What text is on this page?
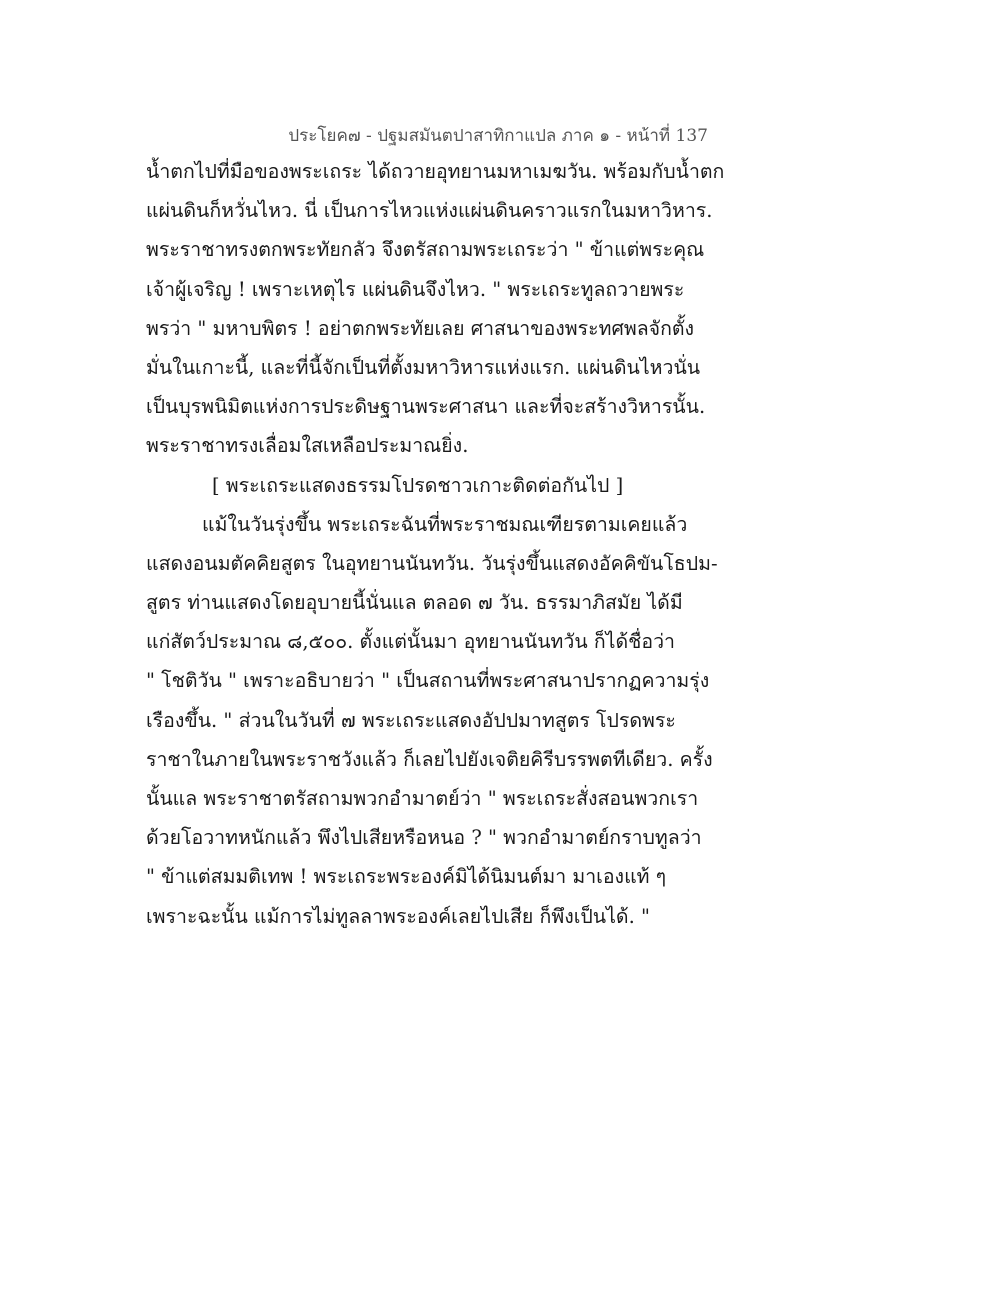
ประโยค๗ - ปฐมสมันตปาสาทิกาแปล ภาค ๑ - หน้าที่ 137
น้ำตกไปที่มือของพระเถระ ได้ถวายอุทยานมหาเมฆวัน. พร้อมกับน้ำตก
แผ่นดินก็หวั่นไหว. นี่ เป็นการไหวแห่งแผ่นดินคราวแรกในมหาวิหาร.
พระราชาทรงตกพระทัยกลัว จึงตรัสถามพระเถระว่า " ข้าแต่พระคุณ
เจ้าผู้เจริญ ! เพราะเหตุไร แผ่นดินจึงไหว. " พระเถระทูลถวายพระ
พรว่า " มหาบพิตร ! อย่าตกพระทัยเลย ศาสนาของพระทศพลจักตั้ง
มั่นในเกาะนี้, และที่นี้จักเป็นที่ตั้งมหาวิหารแห่งแรก. แผ่นดินไหวนั่น
เป็นบุรพนิมิตแห่งการประดิษฐานพระศาสนา และที่จะสร้างวิหารนั้น.
พระราชาทรงเลื่อมใสเหลือประมาณยิ่ง.
[ พระเถระแสดงธรรมโปรดชาวเกาะติดต่อกันไป ]
แม้ในวันรุ่งขึ้น พระเถระฉันที่พระราชมณเฑียรตามเคยแล้ว
แสดงอนมตัคคิยสูตร ในอุทยานนันทวัน. วันรุ่งขึ้นแสดงอัคคิขันโธปม-
สูตร ท่านแสดงโดยอุบายนี้นั่นแล ตลอด ๗ วัน. ธรรมาภิสมัย ได้มี
แก่สัตว์ประมาณ ๘,๕๐๐. ตั้งแต่นั้นมา อุทยานนันทวัน ก็ได้ชื่อว่า
" โชติวัน " เพราะอธิบายว่า " เป็นสถานที่พระศาสนาปรากฏความรุ่ง
เรืองขึ้น. " ส่วนในวันที่ ๗ พระเถระแสดงอัปปมาทสูตร โปรดพระ
ราชาในภายในพระราชวังแล้ว ก็เลยไปยังเจติยคิรีบรรพตทีเดียว. ครั้ง
นั้นแล พระราชาตรัสถามพวกอำมาตย์ว่า " พระเถระสั่งสอนพวกเรา
ด้วยโอวาทหนักแล้ว พึงไปเสียหรือหนอ ? " พวกอำมาตย์กราบทูลว่า
" ข้าแต่สมมติเทพ ! พระเถระพระองค์มิได้นิมนต์มา มาเองแท้ ๆ
เพราะฉะนั้น แม้การไม่ทูลลาพระองค์เลยไปเสีย ก็พึงเป็นได้. "
